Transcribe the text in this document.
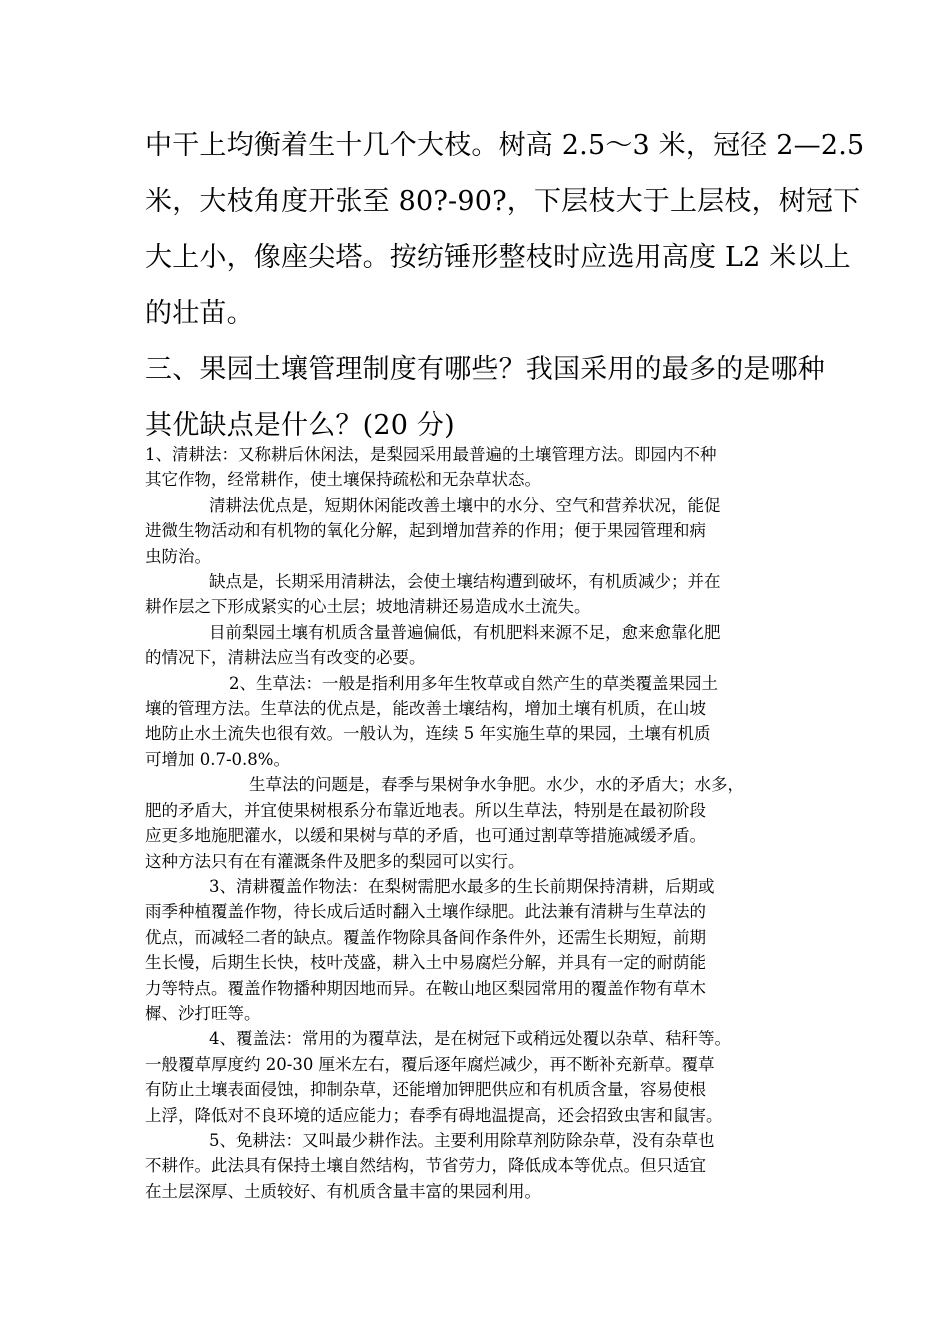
中干上均衡着生十几个大枝。树高 2.5～3 米，冠径 2—2.5

米，大枝角度开张至 80?-90?，下层枝大于上层枝，树冠下

大上小，像座尖塔。按纺锤形整枝时应选用高度 L2 米以上

的壮苗。

三、果园土壤管理制度有哪些？我国采用的最多的是哪种

其优缺点是什么？(20 分)

1、清耕法：又称耕后休闲法，是梨园采用最普遍的土壤管理方法。即园内不种

其它作物，经常耕作，使土壤保持疏松和无杂草状态。

清耕法优点是，短期休闲能改善土壤中的水分、空气和营养状况，能促

进微生物活动和有机物的氧化分解，起到增加营养的作用；便于果园管理和病

虫防治。

缺点是，长期采用清耕法，会使土壤结构遭到破坏，有机质减少；并在

耕作层之下形成紧实的心土层；坡地清耕还易造成水土流失。

目前梨园土壤有机质含量普遍偏低，有机肥料来源不足，愈来愈靠化肥

的情况下，清耕法应当有改变的必要。

2、生草法：一般是指利用多年生牧草或自然产生的草类覆盖果园土

壤的管理方法。生草法的优点是，能改善土壤结构，增加土壤有机质，在山坡

地防止水土流失也很有效。一般认为，连续 5 年实施生草的果园，土壤有机质

可增加 0.7-0.8%。

生草法的问题是，春季与果树争水争肥。水少，水的矛盾大；水多，

肥的矛盾大，并宜使果树根系分布靠近地表。所以生草法，特别是在最初阶段

应更多地施肥灌水，以缓和果树与草的矛盾，也可通过割草等措施减缓矛盾。

这种方法只有在有灌溉条件及肥多的梨园可以实行。

3、清耕覆盖作物法：在梨树需肥水最多的生长前期保持清耕，后期或

雨季种植覆盖作物，待长成后适时翻入土壤作绿肥。此法兼有清耕与生草法的

优点，而减轻二者的缺点。覆盖作物除具备间作条件外，还需生长期短，前期

生长慢，后期生长快，枝叶茂盛，耕入土中易腐烂分解，并具有一定的耐荫能

力等特点。覆盖作物播种期因地而异。在鞍山地区梨园常用的覆盖作物有草木

樨、沙打旺等。

4、覆盖法：常用的为覆草法，是在树冠下或稍远处覆以杂草、秸秆等。

一般覆草厚度约 20-30 厘米左右，覆后逐年腐烂减少，再不断补充新草。覆草

有防止土壤表面侵蚀，抑制杂草，还能增加钾肥供应和有机质含量，容易使根

上浮，降低对不良环境的适应能力；春季有碍地温提高，还会招致虫害和鼠害。

5、免耕法：又叫最少耕作法。主要利用除草剂防除杂草，没有杂草也

不耕作。此法具有保持土壤自然结构，节省劳力，降低成本等优点。但只适宜

在土层深厚、土质较好、有机质含量丰富的果园利用。
